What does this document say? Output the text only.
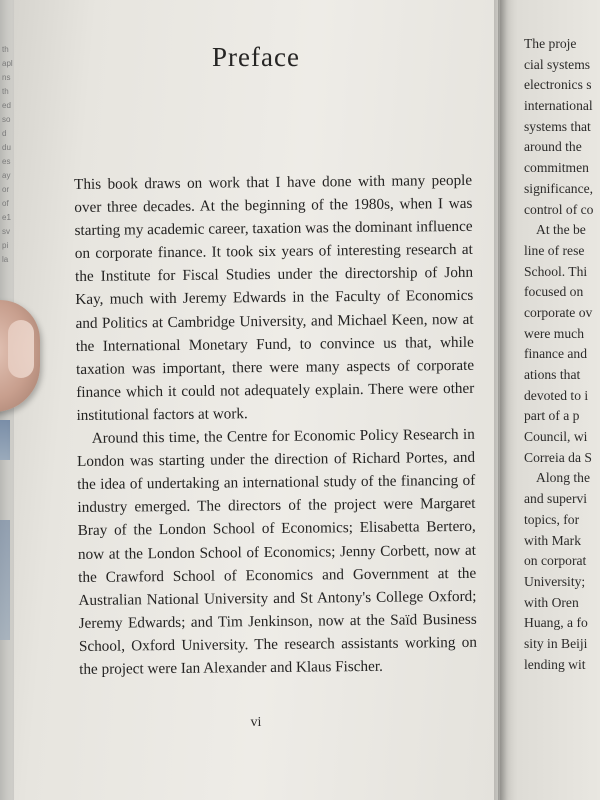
th
apl
ns
th
ed
so
d
du
es
ay
or
of
e1
sv
pi
la
The proje
cial systems
electronics s
international
systems that
around the
commitmen
significance,
control of co
At the be
line of rese
School. Thi
focused on
corporate ov
were much
finance and
ations that
devoted to i
part of a p
Council, wi
Correia da S
Along the
and supervi
topics, for
with Mark
on corporat
University;
with Oren
Huang, a fo
sity in Beiji
lending wit
Preface

This book draws on work that I have done with many people over three decades. At the beginning of the 1980s, when I was starting my academic career, taxation was the dominant influence on corporate finance. It took six years of interesting research at the Institute for Fiscal Studies under the directorship of John Kay, much with Jeremy Edwards in the Faculty of Economics and Politics at Cambridge University, and Michael Keen, now at the International Monetary Fund, to convince us that, while taxation was important, there were many aspects of corporate finance which it could not adequately explain. There were other institutional factors at work.

Around this time, the Centre for Economic Policy Research in London was starting under the direction of Richard Portes, and the idea of undertaking an international study of the financing of industry emerged. The directors of the project were Margaret Bray of the London School of Economics; Elisabetta Bertero, now at the London School of Economics; Jenny Corbett, now at the Crawford School of Economics and Government at the Australian National University and St Antony's College Oxford; Jeremy Edwards; and Tim Jenkinson, now at the Saïd Business School, Oxford University. The research assistants working on the project were Ian Alexander and Klaus Fischer.

vi
